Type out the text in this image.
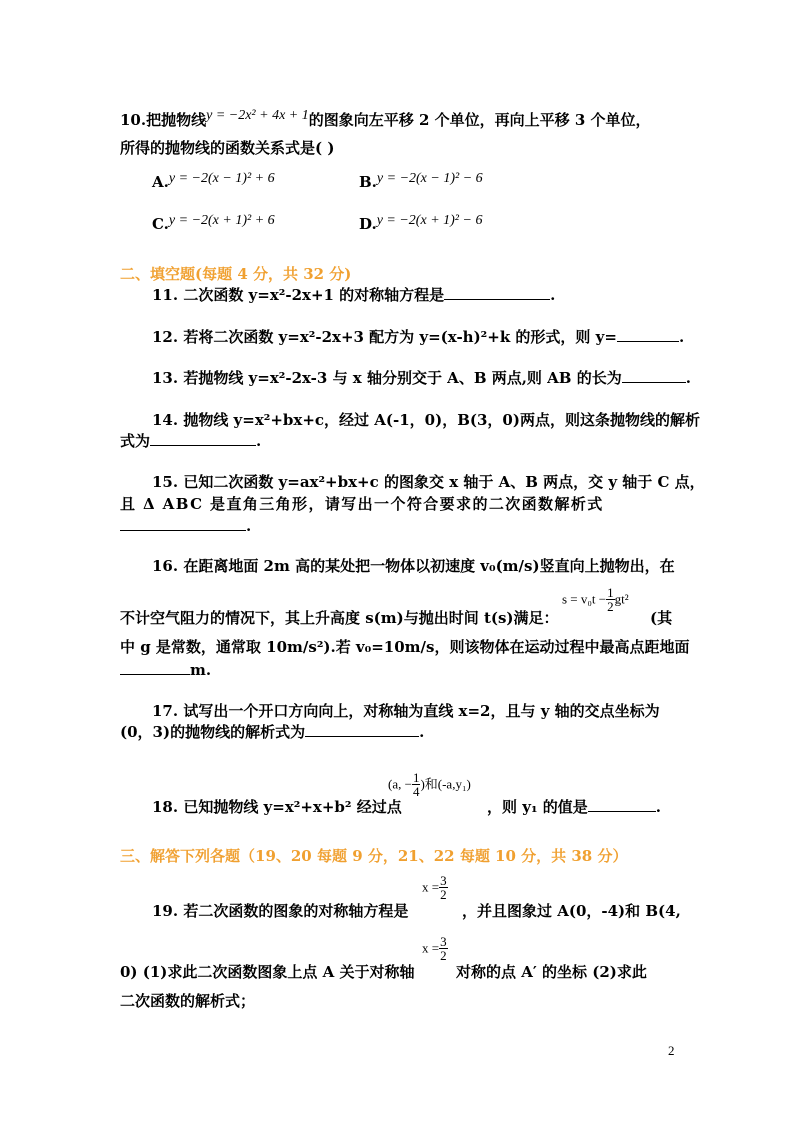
10.把抛物线y = −2x² + 4x + 1的图象向左平移 2 个单位，再向上平移 3 个单位，
所得的抛物线的函数关系式是( )
A.y = −2(x − 1)² + 6	B.y = −2(x − 1)² − 6
C.y = −2(x + 1)² + 6	D.y = −2(x + 1)² − 6
二、填空题(每题 4 分，共 32 分)
11. 二次函数 y=x²-2x+1 的对称轴方程是	.
12. 若将二次函数 y=x²-2x+3 配方为 y=(x-h)²+k 的形式，则 y=	.
13. 若抛物线 y=x²-2x-3 与 x 轴分别交于 A、B 两点,则 AB 的长为	.
14. 抛物线 y=x²+bx+c，经过 A(-1，0)，B(3，0)两点，则这条抛物线的解析
式为	.
15. 已知二次函数 y=ax²+bx+c 的图象交 x 轴于 A、B 两点，交 y 轴于 C 点，
且 Δ ABC 是直角三角形，请写出一个符合要求的二次函数解析式
.
16. 在距离地面 2m 高的某处把一物体以初速度 v₀(m/s)竖直向上抛物出，在
不计空气阻力的情况下，其上升高度 s(m)与抛出时间 t(s)满足：
$s = v_0t - \frac{1}{2} gt^2$
(其
中 g 是常数，通常取 10m/s²).若 v₀=10m/s，则该物体在运动过程中最高点距地面
m.
17. 试写出一个开口方向向上，对称轴为直线 x=2，且与 y 轴的交点坐标为
(0，3)的抛物线的解析式为	.
18. 已知抛物线 y=x²+x+b² 经过点
(a, − $\frac{1}{4}$ )和(-a,y₁)
，则 y₁ 的值是	.
三、解答下列各题（19、20 每题 9 分，21、22 每题 10 分，共 38 分）
19. 若二次函数的图象的对称轴方程是
$x = \frac{3}{2}$
，并且图象过 A(0，-4)和 B(4,
0) (1)求此二次函数图象上点 A 关于对称轴
$x = \frac{3}{2}$
对称的点 A′ 的坐标 (2)求此
二次函数的解析式；
2
